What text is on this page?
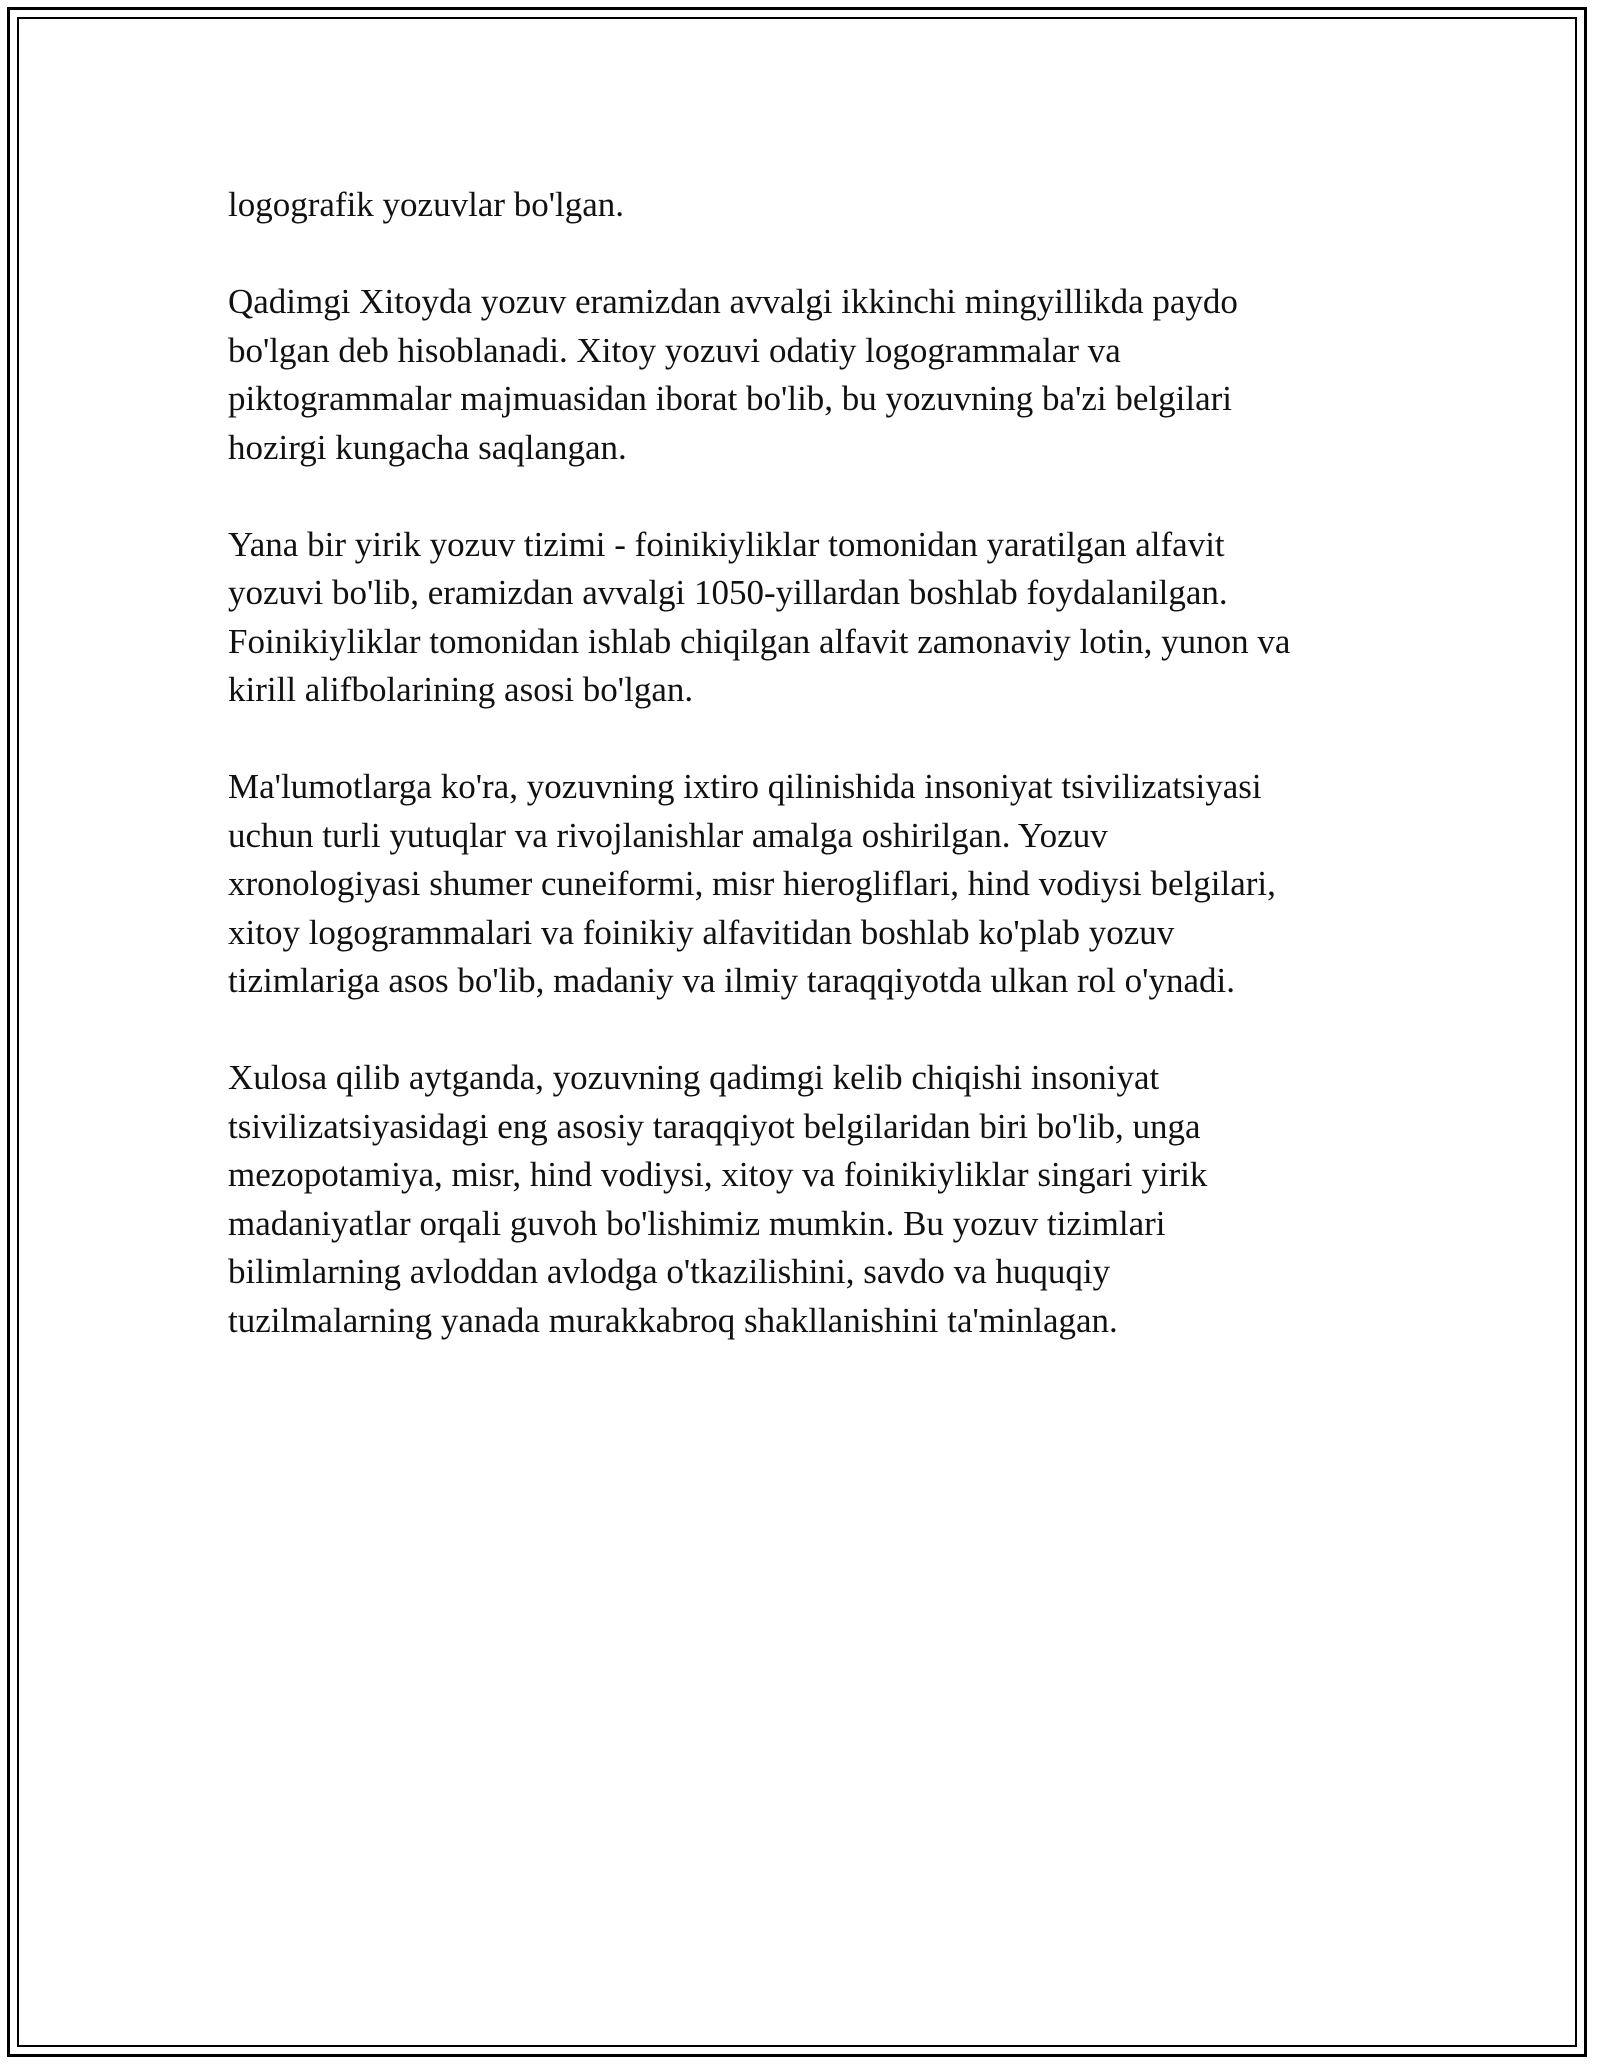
logografik yozuvlar bo'lgan.

Qadimgi Xitoyda yozuv eramizdan avvalgi ikkinchi mingyillikda paydo
bo'lgan deb hisoblanadi. Xitoy yozuvi odatiy logogrammalar va
piktogrammalar majmuasidan iborat bo'lib, bu yozuvning ba'zi belgilari
hozirgi kungacha saqlangan.

Yana bir yirik yozuv tizimi - foinikiyliklar tomonidan yaratilgan alfavit
yozuvi bo'lib, eramizdan avvalgi 1050-yillardan boshlab foydalanilgan.
Foinikiyliklar tomonidan ishlab chiqilgan alfavit zamonaviy lotin, yunon va
kirill alifbolarining asosi bo'lgan.

Ma'lumotlarga ko'ra, yozuvning ixtiro qilinishida insoniyat tsivilizatsiyasi
uchun turli yutuqlar va rivojlanishlar amalga oshirilgan. Yozuv
xronologiyasi shumer cuneiformi, misr hierogliflari, hind vodiysi belgilari,
xitoy logogrammalari va foinikiy alfavitidan boshlab ko'plab yozuv
tizimlariga asos bo'lib, madaniy va ilmiy taraqqiyotda ulkan rol o'ynadi.

Xulosa qilib aytganda, yozuvning qadimgi kelib chiqishi insoniyat
tsivilizatsiyasidagi eng asosiy taraqqiyot belgilaridan biri bo'lib, unga
mezopotamiya, misr, hind vodiysi, xitoy va foinikiyliklar singari yirik
madaniyatlar orqali guvoh bo'lishimiz mumkin. Bu yozuv tizimlari
bilimlarning avloddan avlodga o'tkazilishini, savdo va huquqiy
tuzilmalarning yanada murakkabroq shakllanishini ta'minlagan.
